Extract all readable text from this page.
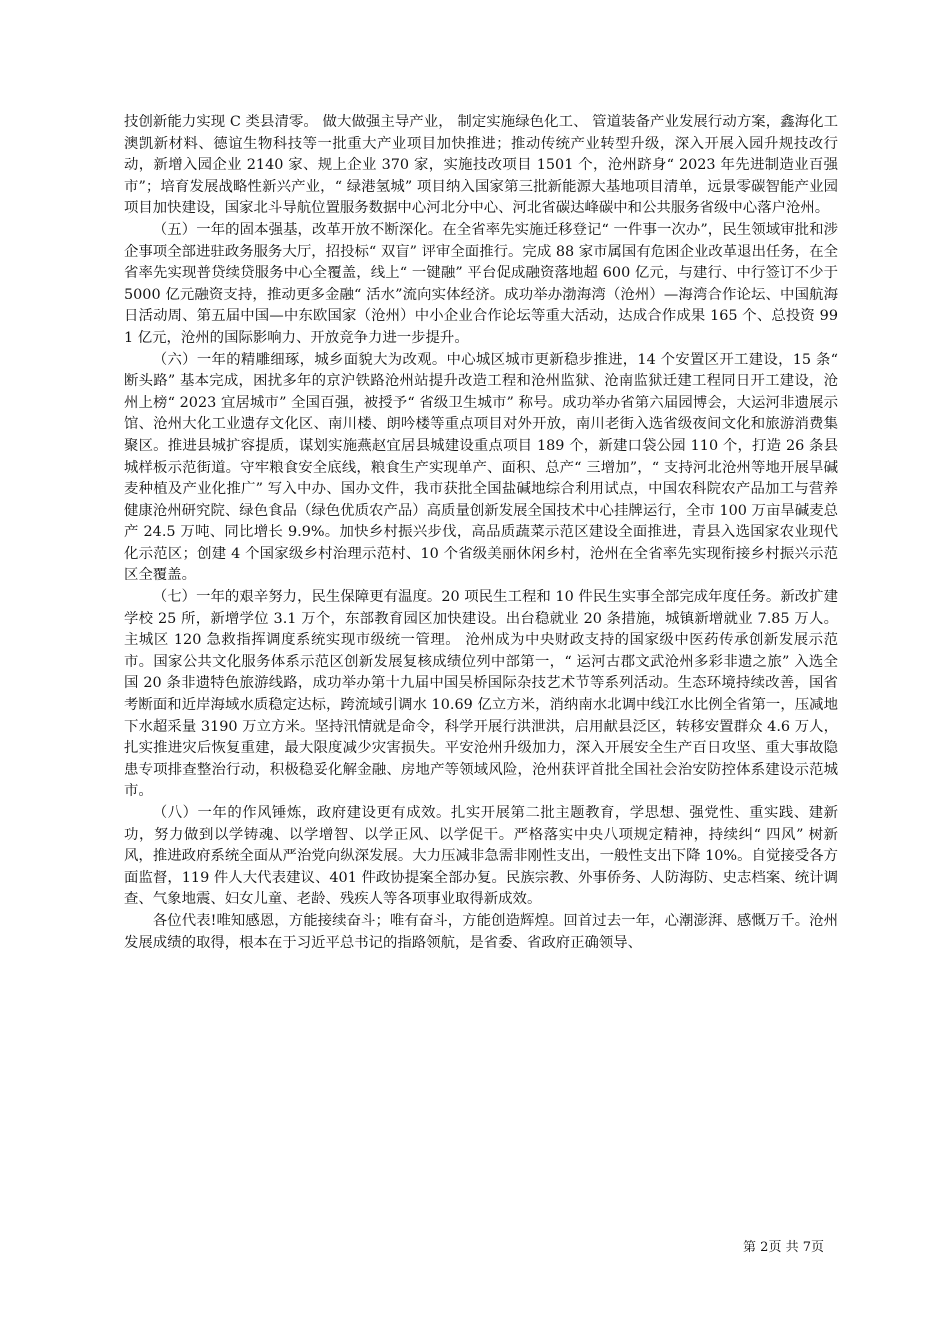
技创新能力实现 C 类县清零。 做大做强主导产业， 制定实施绿色化工、 管道装备产业发展行动方案，鑫海化工澳凯新材料、德谊生物科技等一批重大产业项目加快推进；推动传统产业转型升级，深入开展入园升规技改行动，新增入园企业 2140 家、规上企业 370 家，实施技改项目 1501 个，沧州跻身“ 2023 年先进制造业百强市”；培育发展战略性新兴产业，“ 绿港氢城” 项目纳入国家第三批新能源大基地项目清单，远景零碳智能产业园项目加快建设，国家北斗导航位置服务数据中心河北分中心、河北省碳达峰碳中和公共服务省级中心落户沧州。

（五）一年的固本强基，改革开放不断深化。在全省率先实施迁移登记“ 一件事一次办”，民生领域审批和涉企事项全部进驻政务服务大厅，招投标“ 双盲” 评审全面推行。完成 88 家市属国有危困企业改革退出任务，在全省率先实现普贷续贷服务中心全覆盖，线上“ 一键融” 平台促成融资落地超 600 亿元，与建行、中行签订不少于 5000 亿元融资支持，推动更多金融“ 活水”流向实体经济。成功举办渤海湾（沧州）—海湾合作论坛、中国航海日活动周、第五届中国—中东欧国家（沧州）中小企业合作论坛等重大活动，达成合作成果 165 个、总投资 991 亿元，沧州的国际影响力、开放竞争力进一步提升。

（六）一年的精雕细琢，城乡面貌大为改观。中心城区城市更新稳步推进，14 个安置区开工建设，15 条“ 断头路” 基本完成，困扰多年的京沪铁路沧州站提升改造工程和沧州监狱、沧南监狱迁建工程同日开工建设，沧州上榜“ 2023 宜居城市” 全国百强，被授予“ 省级卫生城市” 称号。成功举办省第六届园博会，大运河非遗展示馆、沧州大化工业遗存文化区、南川楼、朗吟楼等重点项目对外开放，南川老街入选省级夜间文化和旅游消费集聚区。推进县城扩容提质，谋划实施燕赵宜居县城建设重点项目 189 个，新建口袋公园 110 个，打造 26 条县城样板示范街道。守牢粮食安全底线，粮食生产实现单产、面积、总产“ 三增加”，“ 支持河北沧州等地开展旱碱麦种植及产业化推广” 写入中办、国办文件，我市获批全国盐碱地综合利用试点，中国农科院农产品加工与营养健康沧州研究院、绿色食品（绿色优质农产品）高质量创新发展全国技术中心挂牌运行，全市 100 万亩旱碱麦总产 24.5 万吨、同比增长 9.9%。加快乡村振兴步伐，高品质蔬菜示范区建设全面推进，青县入选国家农业现代化示范区；创建 4 个国家级乡村治理示范村、10 个省级美丽休闲乡村，沧州在全省率先实现衔接乡村振兴示范区全覆盖。

（七）一年的艰辛努力，民生保障更有温度。20 项民生工程和 10 件民生实事全部完成年度任务。新改扩建学校 25 所，新增学位 3.1 万个，东部教育园区加快建设。出台稳就业 20 条措施，城镇新增就业 7.85 万人。 主城区 120 急救指挥调度系统实现市级统一管理。 沧州成为中央财政支持的国家级中医药传承创新发展示范市。国家公共文化服务体系示范区创新发展复核成绩位列中部第一，“ 运河古郡文武沧州多彩非遗之旅” 入选全国 20 条非遗特色旅游线路，成功举办第十九届中国吴桥国际杂技艺术节等系列活动。生态环境持续改善，国省考断面和近岸海域水质稳定达标，跨流域引调水 10.69 亿立方米，消纳南水北调中线江水比例全省第一，压减地下水超采量 3190 万立方米。坚持汛情就是命令，科学开展行洪泄洪，启用献县泛区，转移安置群众 4.6 万人，扎实推进灾后恢复重建，最大限度减少灾害损失。平安沧州升级加力，深入开展安全生产百日攻坚、重大事故隐患专项排查整治行动，积极稳妥化解金融、房地产等领域风险，沧州获评首批全国社会治安防控体系建设示范城市。

（八）一年的作风锤炼，政府建设更有成效。扎实开展第二批主题教育，学思想、强党性、重实践、建新功，努力做到以学铸魂、以学增智、以学正风、以学促干。严格落实中央八项规定精神，持续纠“ 四风” 树新风，推进政府系统全面从严治党向纵深发展。大力压减非急需非刚性支出，一般性支出下降 10%。自觉接受各方面监督，119 件人大代表建议、401 件政协提案全部办复。民族宗教、外事侨务、人防海防、史志档案、统计调查、气象地震、妇女儿童、老龄、残疾人等各项事业取得新成效。

各位代表!唯知感恩，方能接续奋斗；唯有奋斗，方能创造辉煌。回首过去一年，心潮澎湃、感慨万千。沧州发展成绩的取得，根本在于习近平总书记的指路领航，是省委、省政府正确领导、

第 2页 共 7页
